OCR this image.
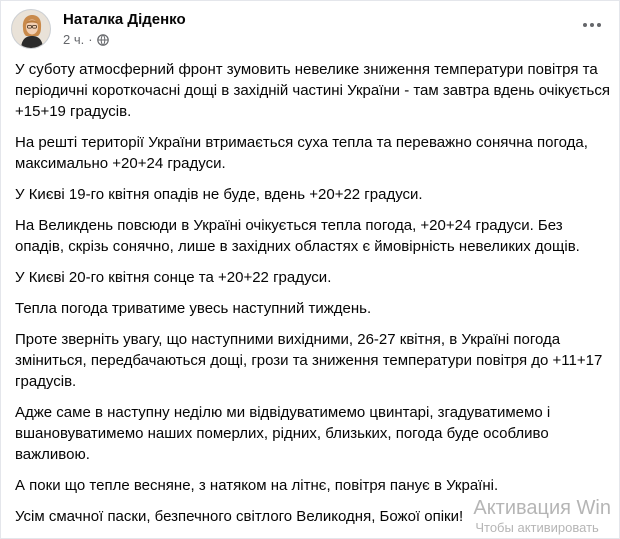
Наталка Діденко
2 ч. ·

У суботу атмосферний фронт зумовить невелике зниження температури повітря та періодичні короткочасні дощі в західній частині України - там завтра вдень очікується +15+19 градусів.

На решті території України втримається суха тепла та переважно сонячна погода, максимально +20+24 градуси.

У Києві 19-го квітня опадів не буде, вдень +20+22 градуси.

На Великдень повсюди в Україні очікується тепла погода, +20+24 градуси. Без опадів, скрізь сонячно, лише в західних областях є ймовірність невеликих дощів.

У Києві 20-го квітня сонце та +20+22 градуси.

Тепла погода триватиме увесь наступний тиждень.

Проте зверніть увагу, що наступними вихідними, 26-27 квітня, в Україні погода зміниться, передбачаються дощі, грози та зниження температури повітря до +11+17 градусів.

Адже саме в наступну неділю ми відвідуватимемо цвинтарі, згадуватимемо і вшановуватимемо наших померлих, рідних, близьких, погода буде особливо важливою.

А поки що тепле весняне, з натяком на літнє, повітря панує в Україні.

Усім смачної паски, безпечного світлого Великодня, Божої опіки! Активация Win
Чтобы активировать
